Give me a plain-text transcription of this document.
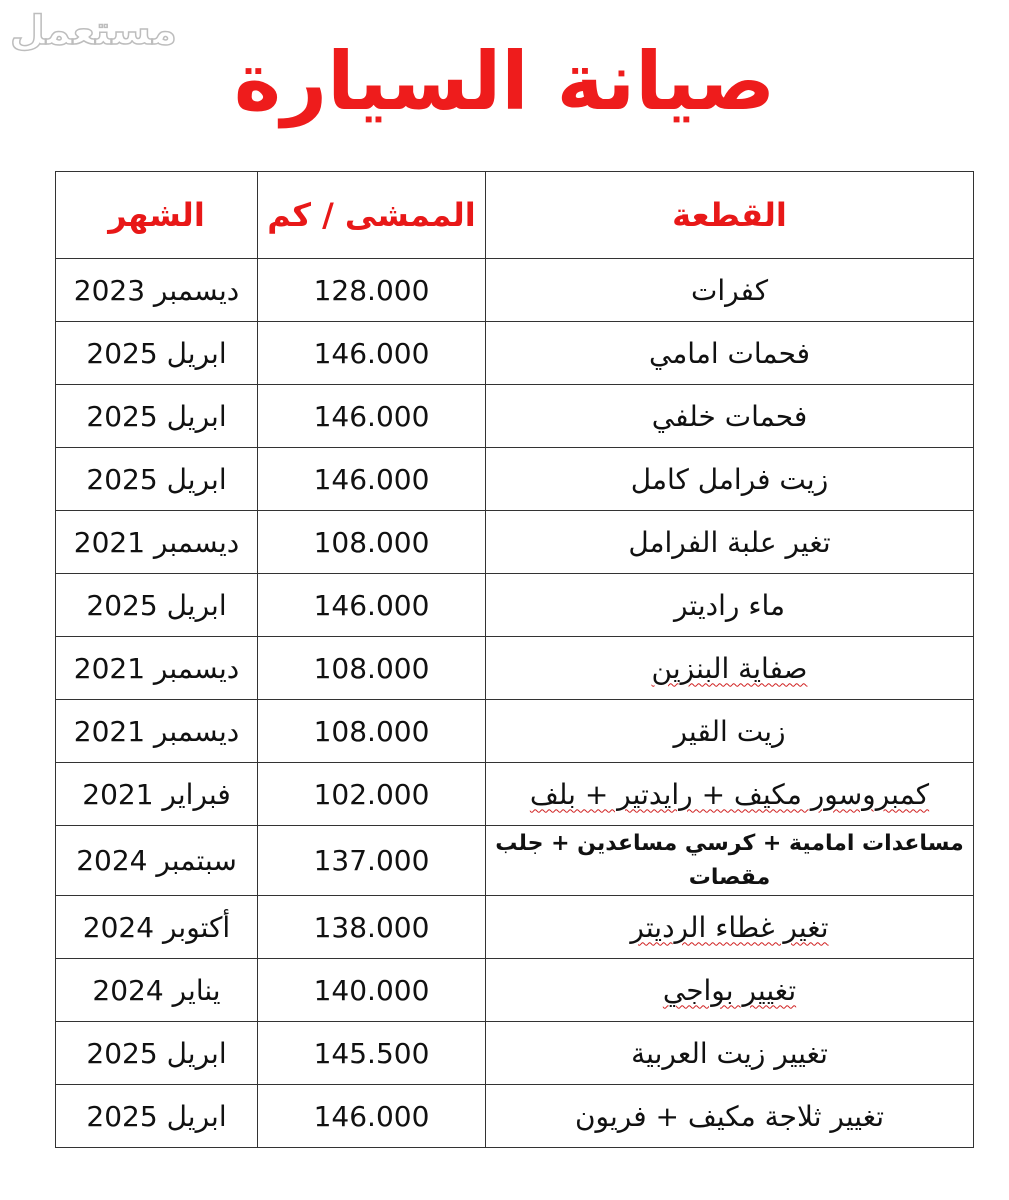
مستعمل
صيانة السيارة
القطعة	الممشى / كم	الشهر
كفرات	128.000	ديسمبر 2023
فحمات امامي	146.000	ابريل 2025
فحمات خلفي	146.000	ابريل 2025
زيت فرامل كامل	146.000	ابريل 2025
تغير علبة الفرامل	108.000	ديسمبر 2021
ماء راديتر	146.000	ابريل 2025
صفاية البنزين	108.000	ديسمبر 2021
زيت القير	108.000	ديسمبر 2021
كمبروسور مكيف + رايدتير + بلف	102.000	فبراير 2021
مساعدات امامية + كرسي مساعدين + جلب مقصات	137.000	سبتمبر 2024
تغير غطاء الرديتر	138.000	أكتوبر 2024
تغيير بواجي	140.000	يناير 2024
تغيير زيت العربية	145.500	ابريل 2025
تغيير ثلاجة مكيف + فريون	146.000	ابريل 2025
